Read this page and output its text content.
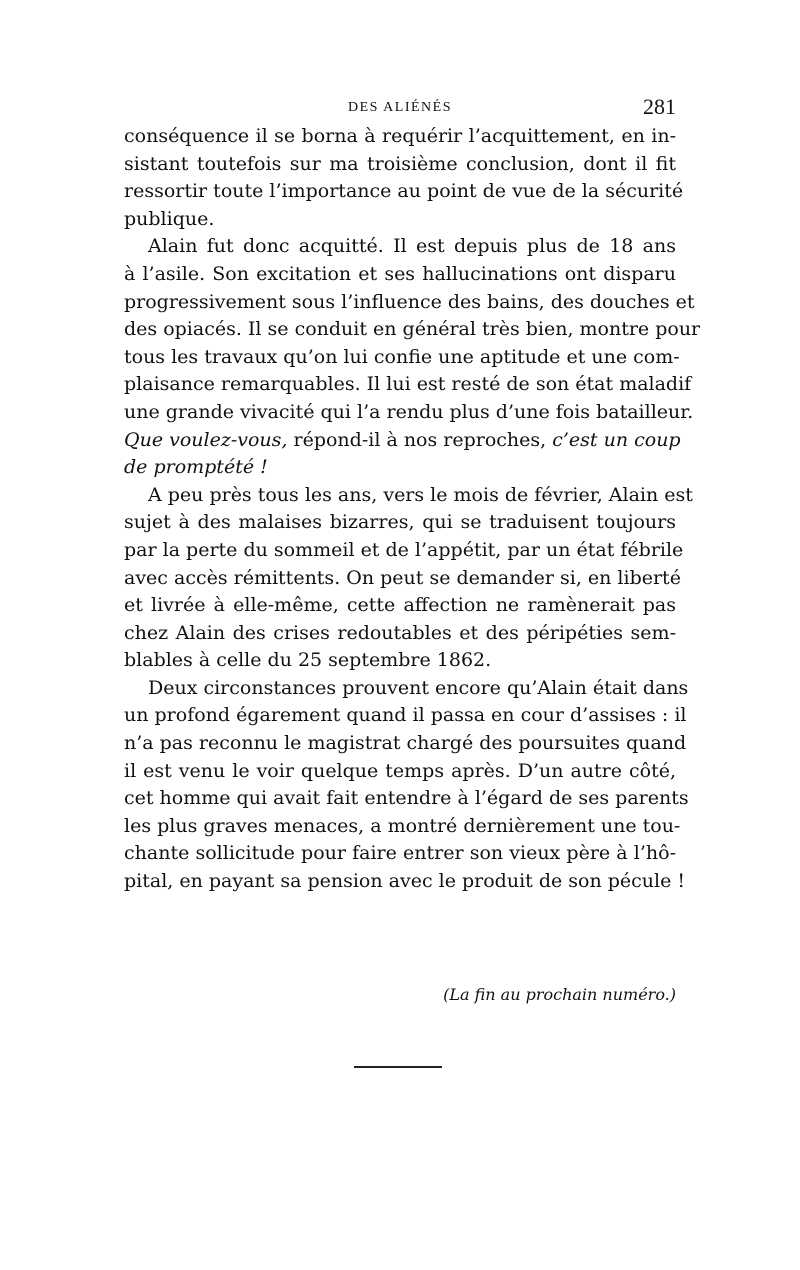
DES ALIÉNÉS	281
conséquence il se borna à requérir l’acquittement, en in-
sistant toutefois sur ma troisième conclusion, dont il fit
ressortir toute l’importance au point de vue de la sécurité
publique.
Alain fut donc acquitté. Il est depuis plus de 18 ans
à l’asile. Son excitation et ses hallucinations ont disparu
progressivement sous l’influence des bains, des douches et
des opiacés. Il se conduit en général très bien, montre pour
tous les travaux qu’on lui confie une aptitude et une com-
plaisance remarquables. Il lui est resté de son état maladif
une grande vivacité qui l’a rendu plus d’une fois batailleur.
Que voulez-vous, répond-il à nos reproches, c’est un coup
de promptété !
A peu près tous les ans, vers le mois de février, Alain est
sujet à des malaises bizarres, qui se traduisent toujours
par la perte du sommeil et de l’appétit, par un état fébrile
avec accès rémittents. On peut se demander si, en liberté
et livrée à elle-même, cette affection ne ramènerait pas
chez Alain des crises redoutables et des péripéties sem-
blables à celle du 25 septembre 1862.
Deux circonstances prouvent encore qu’Alain était dans
un profond égarement quand il passa en cour d’assises : il
n’a pas reconnu le magistrat chargé des poursuites quand
il est venu le voir quelque temps après. D’un autre côté,
cet homme qui avait fait entendre à l’égard de ses parents
les plus graves menaces, a montré dernièrement une tou-
chante sollicitude pour faire entrer son vieux père à l’hô-
pital, en payant sa pension avec le produit de son pécule !
(La fin au prochain numéro.)
